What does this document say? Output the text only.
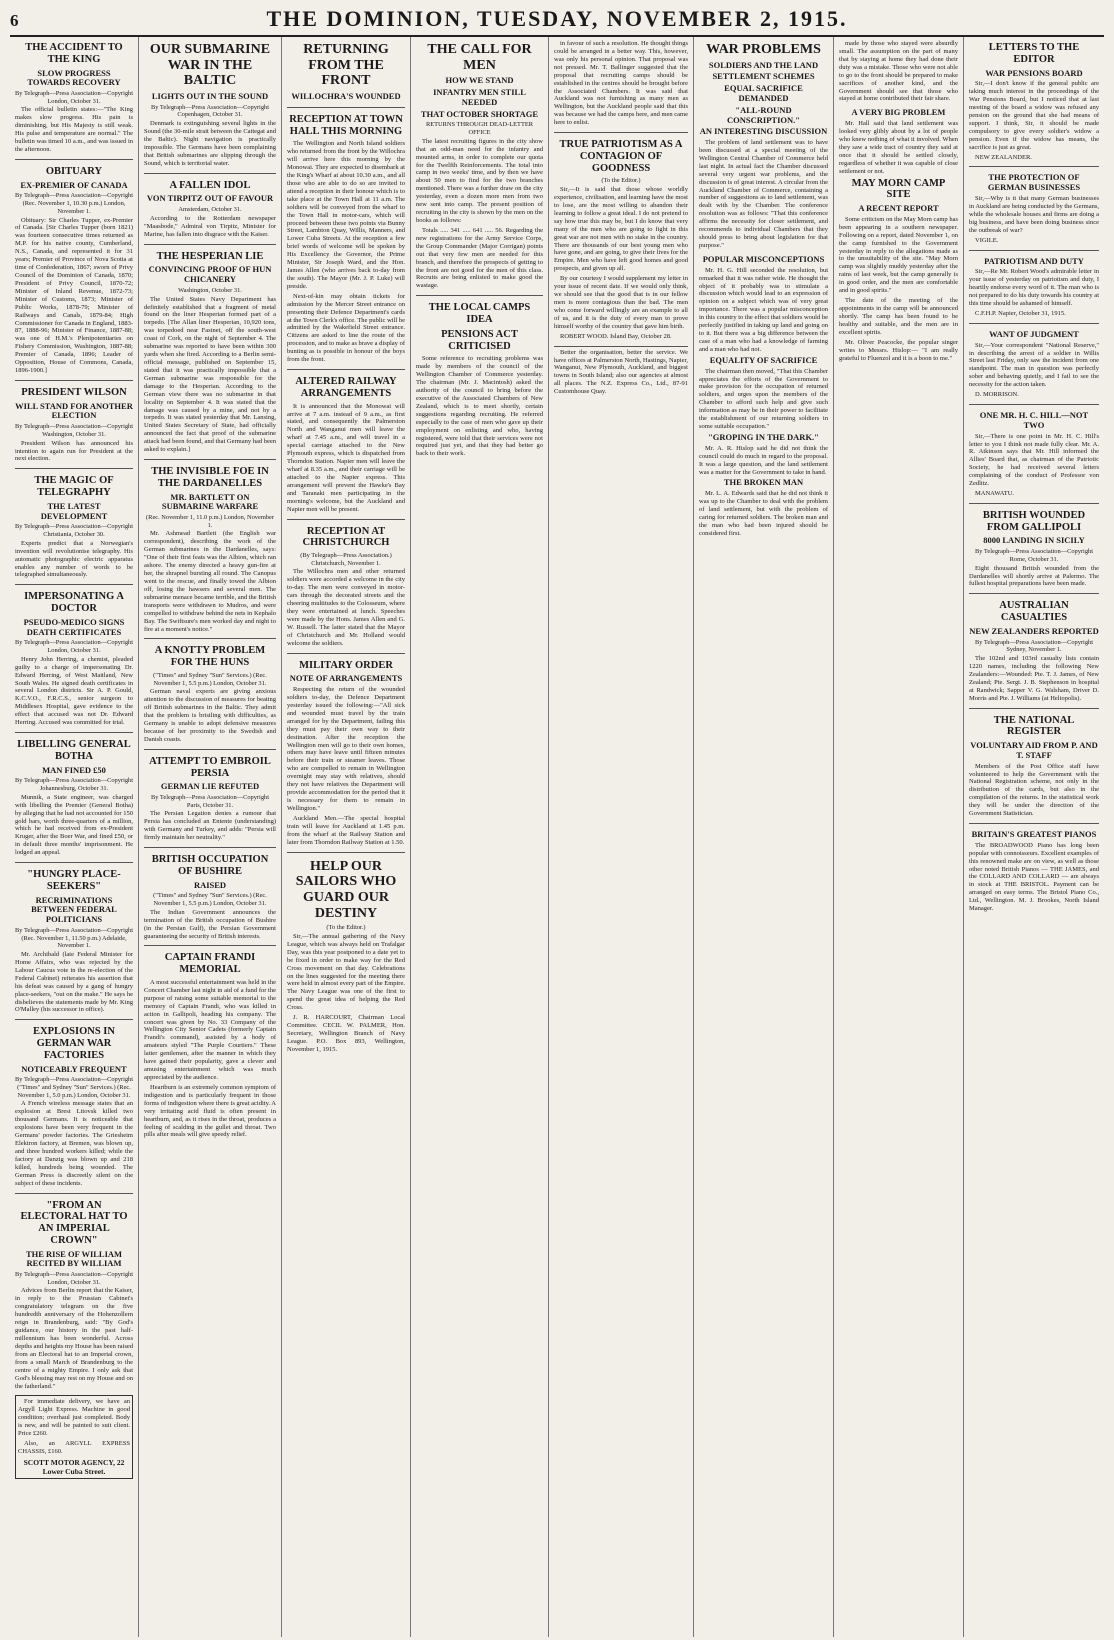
6	THE DOMINION, TUESDAY, NOVEMBER 2, 1915.
THE ACCIDENT TO THE KING
SLOW PROGRESS TOWARDS RECOVERY
By Telegraph—Press Association—Copyright London, October 31.

The official bulletin states:—"The King makes slow progress. His pain is diminishing, but His Majesty is still weak. His pulse and temperature are normal." The bulletin was timed 10 a.m., and was issued in the afternoon.

OBITUARY
EX-PREMIER OF CANADA
By Telegraph—Press Association—Copyright (Rec. November 1, 10.30 p.m.) London, November 1.

Obituary: Sir Charles Tupper, ex-Premier of Canada. [Sir Charles Tupper (born 1821) was fourteen consecutive times returned as M.P. for his native county, Cumberland, N.S., Canada, and represented it for 31 years; Premier of Province of Nova Scotia at time of Confederation, 1867; sworn of Privy Council of the Dominion of Canada, 1870; President of Privy Council, 1870-72; Minister of Inland Revenue, 1872-73; Minister of Customs, 1873; Minister of Public Works, 1878-79; Minister of Railways and Canals, 1879-84; High Commissioner for Canada in England, 1883-87, 1888-96; Minister of Finance, 1887-88; was one of H.M.'s Plenipotentiaries on Fishery Commission, Washington, 1887-88; Premier of Canada, 1896; Leader of Opposition, House of Commons, Canada, 1896-1900.]

PRESIDENT WILSON
WILL STAND FOR ANOTHER ELECTION
By Telegraph—Press Association—Copyright Washington, October 31.

President Wilson has announced his intention to again run for President at the next election.

THE MAGIC OF TELEGRAPHY
THE LATEST DEVELOPMENT
By Telegraph—Press Association—Copyright Christiania, October 30.

Experts predict that a Norwegian's invention will revolutionise telegraphy. His automatic photographic electric apparatus enables any number of words to be telegraphed simultaneously.

IMPERSONATING A DOCTOR
PSEUDO-MEDICO SIGNS DEATH CERTIFICATES
By Telegraph—Press Association—Copyright London, October 31.

Henry John Herring, a chemist, pleaded guilty to a charge of impersonating Dr. Edward Herring, of West Maitland, New South Wales. He signed death certificates in several London districts. Sir A. P. Gould, K.C.V.O., F.R.C.S., senior surgeon to Middlesex Hospital, gave evidence to the effect that accused was not Dr. Edward Herring. Accused was committed for trial.

LIBELLING GENERAL BOTHA
MAN FINED £50
By Telegraph—Press Association—Copyright Johannesburg, October 31.

Munnik, a State engineer, was charged with libelling the Premier (General Botha) by alleging that he had not accounted for 150 gold bars, worth three-quarters of a million, which he had received from ex-President Kruger, after the Boer War, and fined £50, or in default three months' imprisonment. He lodged an appeal.

"HUNGRY PLACE-SEEKERS"
RECRIMINATIONS BETWEEN FEDERAL POLITICIANS
By Telegraph—Press Association—Copyright (Rec. November 1, 11.50 p.m.) Adelaide, November 1.

Mr. Archibald (late Federal Minister for Home Affairs, who was rejected by the Labour Caucus vote in the re-election of the Federal Cabinet) reiterates his assertion that his defeat was caused by a gang of hungry place-seekers, "out on the make." He says he disbelieves the statements made by Mr. King O'Malley (his successor in office).

EXPLOSIONS IN GERMAN WAR FACTORIES
NOTICEABLY FREQUENT
By Telegraph—Press Association—Copyright ("Times" and Sydney "Sun" Services.) (Rec. November 1, 5.0 p.m.) London, October 31.

A French wireless message states that an explosion at Brest Litovsk killed two thousand Germans. It is noticeable that explosions have been very frequent in the Germans' powder factories. The Griesheim Elektron factory, at Bremen, was blown up, and three hundred workers killed; while the factory at Danzig was blown up and 218 killed, hundreds being wounded. The German Press is discreetly silent on the subject of these incidents.

"FROM AN ELECTORAL HAT TO AN IMPERIAL CROWN"
THE RISE OF WILLIAM RECITED BY WILLIAM
By Telegraph—Press Association—Copyright London, October 31.

Advices from Berlin report that the Kaiser, in reply to the Prussian Cabinet's congratulatory telegram on the five hundredth anniversary of the Hohenzollern reign in Brandenburg, said: "By God's guidance, our history in the past half-millennium has been wonderful. Across depths and heights my House has been raised from an Electoral hat to an Imperial crown, from a small March of Brandenburg to the centre of a mighty Empire. I only ask that God's blessing may rest on my House and on the fatherland."

For immediate delivery, we have an Argyll Light Express. Machine in good condition; overhaul just completed. Body is new, and will be painted to suit client. Price £260.

Also, an ARGYLL EXPRESS CHASSIS, £160.

SCOTT MOTOR AGENCY, 22 Lower Cuba Street.
OUR SUBMARINE WAR IN THE BALTIC
LIGHTS OUT IN THE SOUND
By Telegraph—Press Association—Copyright Copenhagen, October 31.

Denmark is extinguishing several lights in the Sound (the 30-mile strait between the Cattegat and the Baltic). Night navigation is practically impossible. The Germans have been complaining that British submarines are slipping through the Sound, which is territorial water.

A FALLEN IDOL
VON TIRPITZ OUT OF FAVOUR
Amsterdam, October 31.

According to the Rotterdam newspaper "Maasbode," Admiral von Tirpitz, Minister for Marine, has fallen into disgrace with the Kaiser.

THE HESPERIAN LIE
CONVINCING PROOF OF HUN CHICANERY
Washington, October 31.

The United States Navy Department has definitely established that a fragment of metal found on the liner Hesperian formed part of a torpedo. [The Allan liner Hesperian, 10,920 tons, was torpedoed near Fastnet, off the south-west coast of Cork, on the night of September 4. The submarine was reported to have been within 300 yards when she fired. According to a Berlin semi-official message, published on September 15, stated that it was practically impossible that a German submarine was responsible for the damage to the Hesperian. According to the German view there was no submarine in that locality on September 4. It was stated that the damage was caused by a mine, and not by a torpedo. It was stated yesterday that Mr. Lansing, United States Secretary of State, had officially announced the fact that proof of the submarine attack had been found, and that Germany had been asked to explain.]

THE INVISIBLE FOE IN THE DARDANELLES
MR. BARTLETT ON SUBMARINE WARFARE
(Rec. November 1, 11.0 p.m.) London, November 1.

Mr. Ashmead Bartlett (the English war correspondent), describing the work of the German submarines in the Dardanelles, says: "One of their first feats was the Albion, which ran ashore. The enemy directed a heavy gun-fire at her, the shrapnel bursting all round. The Canopus went to the rescue, and finally towed the Albion off, losing the hawsers and several men. The submarine menace became terrible, and the British transports were withdrawn to Mudros, and were compelled to withdraw behind the nets in Kephalo Bay. The Swiftsure's men worked day and night to fire at a moment's notice."

A KNOTTY PROBLEM FOR THE HUNS
("Times" and Sydney "Sun" Services.) (Rec. November 1, 5.5 p.m.) London, October 31.

German naval experts are giving anxious attention to the discussion of measures for beating off British submarines in the Baltic. They admit that the problem is bristling with difficulties, as Germany is unable to adopt defensive measures because of her proximity to the Swedish and Danish coasts.

ATTEMPT TO EMBROIL PERSIA
GERMAN LIE REFUTED
By Telegraph—Press Association—Copyright Paris, October 31.

The Persian Legation denies a rumour that Persia has concluded an Entente (understanding) with Germany and Turkey, and adds: "Persia will firmly maintain her neutrality."

BRITISH OCCUPATION OF BUSHIRE
RAISED
("Times" and Sydney "Sun" Services.) (Rec. November 1, 5.5 p.m.) London, October 31.

The Indian Government announces the termination of the British occupation of Bushire (in the Persian Gulf), the Persian Government guaranteeing the security of British interests.

CAPTAIN FRANDI MEMORIAL

A most successful entertainment was held in the Concert Chamber last night in aid of a fund for the purpose of raising some suitable memorial to the memory of Captain Frandi, who was killed in action in Gallipoli, heading his company. The concert was given by No. 33 Company of the Wellington City Senior Cadets (formerly Captain Frandi's command), assisted by a body of amateurs styled "The Purple Courtiers." These latter gentlemen, after the manner in which they have gained their popularity, gave a clever and amusing entertainment which was much appreciated by the audience.

Heartburn is an extremely common symptom of indigestion and is particularly frequent in those forms of indigestion where there is great acidity. A very irritating acid fluid is often present in heartburn, and, as it rises in the throat, produces a feeling of scalding in the gullet and throat. Two pills after meals will give speedy relief.

RETURNING FROM THE FRONT
WILLOCHRA'S WOUNDED
RECEPTION AT TOWN HALL THIS MORNING

The Wellington and North Island soldiers who returned from the front by the Willochra will arrive here this morning by the Monowai. They are expected to disembark at the King's Wharf at about 10.30 a.m., and all those who are able to do so are invited to attend a reception in their honour which is to take place at the Town Hall at 11 a.m. The soldiers will be conveyed from the wharf to the Town Hall in motor-cars, which will proceed between these two points via Bunny Street, Lambton Quay, Willis, Manners, and Lower Cuba Streets. At the reception a few brief words of welcome will be spoken by His Excellency the Governor, the Prime Minister, Sir Joseph Ward, and the Hon. James Allen (who arrives back to-day from the south). The Mayor (Mr. J. P. Luke) will preside.

Next-of-kin may obtain tickets for admission by the Mercer Street entrance on presenting their Defence Department's cards at the Town Clerk's office. The public will be admitted by the Wakefield Street entrance. Citizens are asked to line the route of the procession, and to make as brave a display of bunting as is possible in honour of the boys from the front.

ALTERED RAILWAY ARRANGEMENTS

It is announced that the Monowai will arrive at 7 a.m. instead of 9 a.m., as first stated, and consequently the Palmerston North and Wanganui men will leave the wharf at 7.45 a.m., and will travel in a special carriage attached to the New Plymouth express, which is dispatched from Thorndon Station. Napier men will leave the wharf at 8.35 a.m., and their carriage will be attached to the Napier express. This arrangement will prevent the Hawke's Bay and Taranaki men participating in the morning's welcome, but the Auckland and Napier men will be present.

RECEPTION AT CHRISTCHURCH
(By Telegraph—Press Association.) Christchurch, November 1.

The Willochra men and other returned soldiers were accorded a welcome in the city to-day. The men were conveyed in motor-cars through the decorated streets and the cheering multitudes to the Colosseum, where they were entertained at lunch. Speeches were made by the Hons. James Allen and G. W. Russell. The latter stated that the Mayor of Christchurch and Mr. Holland would welcome the soldiers.

MILITARY ORDER
NOTE OF ARRANGEMENTS

Respecting the return of the wounded soldiers to-day, the Defence Department yesterday issued the following:—"All sick and wounded must travel by the train arranged for by the Department, failing this they must pay their own way to their destination. After the reception the Wellington men will go to their own homes, others may have leave until fifteen minutes before their train or steamer leaves. Those who are compelled to remain in Wellington overnight may stay with relatives, should they not have relatives the Department will provide accommodation for the period that it is necessary for them to remain in Wellington."

Auckland Men.—The special hospital train will leave for Auckland at 1.45 p.m. from the wharf at the Railway Station and later from Thorndon Railway Station at 1.50.

HELP OUR SAILORS WHO GUARD OUR DESTINY
(To the Editor.)

Sir,—The annual gathering of the Navy League, which was always held on Trafalgar Day, was this year postponed to a date yet to be fixed in order to make way for the Red Cross movement on that day. Celebrations on the lines suggested for the meeting there were held in almost every part of the Empire. The Navy League was one of the first to spend the great idea of helping the Red Cross.

J. R. HARCOURT, Chairman Local Committee. CECIL W. PALMER, Hon. Secretary, Wellington Branch of Navy League. P.O. Box 893, Wellington, November 1, 1915.

THE CALL FOR MEN
HOW WE STAND
INFANTRY MEN STILL NEEDED
THAT OCTOBER SHORTAGE
RETURNS THROUGH DEAD-LETTER OFFICE

The latest recruiting figures in the city show that an odd-man need for the infantry and mounted arms, in order to complete our quota for the Twelfth Reinforcements. The total into camp in two weeks' time, and by then we have about 50 men to find for the two branches mentioned. There was a further draw on the city yesterday, even a dozen more men from two new sent into camp. The present position of recruiting in the city is shown by the men on the books as follows:

Totals ..... 341 ..... 641 ..... 56. Regarding the new registrations for the Army Service Corps, the Group Commander (Major Corrigan) points out that very few men are needed for this branch, and therefore the prospects of getting to the front are not good for the men of this class. Recruits are being enlisted to make good the wastage.

THE LOCAL CAMPS IDEA
PENSIONS ACT CRITICISED

Some reference to recruiting problems was made by members of the council of the Wellington Chamber of Commerce yesterday. The chairman (Mr. J. Macintosh) asked the authority of the council to bring before the executive of the Associated Chambers of New Zealand, which is to meet shortly, certain suggestions regarding recruiting. He referred especially to the case of men who gave up their employment on enlisting and who, having registered, were told that their services were not required just yet, and that they had better go back to their work.

in favour of such a resolution. He thought things could be arranged in a better way. This, however, was only his personal opinion. That proposal was not pressed. Mr. T. Ballinger suggested that the proposal that recruiting camps should be established in the centres should be brought before the Associated Chambers. It was said that Auckland was not furnishing as many men as Wellington, but the Auckland people said that this was because we had the camps here, and men came here to enlist.

TRUE PATRIOTISM AS A CONTAGION OF GOODNESS
(To the Editor.)

Sir,—It is said that those whose worldly experience, civilisation, and learning have the most to lose, are the most willing to abandon their learning to follow a great ideal. I do not pretend to say how true this may be, but I do know that very many of the men who are going to fight in this great war are not men with no stake in the country. There are thousands of our best young men who have gone, and are going, to give their lives for the Empire. Men who have left good homes and good prospects, and given up all.

By our courtesy I would supplement my letter in your issue of recent date. If we would only think, we should see that the good that is in our fellow men is more contagious than the bad. The men who come forward willingly are an example to all of us, and it is the duty of every man to prove himself worthy of the country that gave him birth.

ROBERT WOOD. Island Bay, October 28.

Better the organisation, better the service. We have offices at Palmerston North, Hastings, Napier, Wanganui, New Plymouth, Auckland, and biggest towns in South Island; also our agencies at almost all places. The N.Z. Express Co., Ltd., 87-91 Customhouse Quay.

WAR PROBLEMS
SOLDIERS AND THE LAND
SETTLEMENT SCHEMES
EQUAL SACRIFICE DEMANDED
"ALL-ROUND CONSCRIPTION."
AN INTERESTING DISCUSSION

The problem of land settlement was to have been discussed at a special meeting of the Wellington Central Chamber of Commerce held last night. In actual fact the Chamber discussed several very urgent war problems, and the discussion is of great interest. A circular from the Auckland Chamber of Commerce, containing a number of suggestions as to land settlement, was dealt with by the Chamber. The conference resolution was as follows: "That this conference affirms the necessity for closer settlement, and recommends to individual Chambers that they should press to bring about legislation for that purpose."

POPULAR MISCONCEPTIONS

Mr. H. G. Hill seconded the resolution, but remarked that it was rather wide. He thought the object of it probably was to stimulate a discussion which would lead to an expression of opinion on a subject which was of very great importance. There was a popular misconception in this country to the effect that soldiers would be perfectly justified in taking up land and going on to it. But there was a big difference between the case of a man who had a knowledge of farming and a man who had not.

EQUALITY OF SACRIFICE

The chairman then moved, "That this Chamber appreciates the efforts of the Government to make provision for the occupation of returned soldiers, and urges upon the members of the Chamber to afford such help and give such information as may be in their power to facilitate the establishment of our returning soldiers in some suitable occupation."

"GROPING IN THE DARK."

Mr. A. R. Hislop said he did not think the council could do much in regard to the proposal. It was a large question, and the land settlement was a matter for the Government to take in hand.

THE BROKEN MAN

Mr. L. A. Edwards said that he did not think it was up to the Chamber to deal with the problem of land settlement, but with the problem of caring for returned soldiers. The broken man and the man who had been injured should be considered first.

made by those who stayed were absurdly small. The assumption on the part of many that by staying at home they had done their duty was a mistake. Those who were not able to go to the front should be prepared to make sacrifices of another kind, and the Government should see that those who stayed at home contributed their fair share.

A VERY BIG PROBLEM

Mr. Hall said that land settlement was looked very glibly about by a lot of people who knew nothing of what it involved. When they saw a wide tract of country they said at once that it should be settled closely, regardless of whether it was capable of close settlement or not.

MAY MORN CAMP SITE
A RECENT REPORT

Some criticism on the May Morn camp has been appearing in a southern newspaper. Following on a report, dated November 1, on the camp furnished to the Government yesterday in reply to the allegations made as to the unsuitability of the site. "May Morn camp was slightly muddy yesterday after the rains of last week, but the camp generally is in good order, and the men are comfortable and in good spirits."

The date of the meeting of the appointments in the camp will be announced shortly. The camp has been found to be healthy and suitable, and the men are in excellent spirits.

Mr. Oliver Peacocke, the popular singer writes to Messrs. Hislop:— "I am really grateful to Fluenzol and it is a boon to me."

LETTERS TO THE EDITOR
WAR PENSIONS BOARD

Sir,—I don't know if the general public are taking much interest in the proceedings of the War Pensions Board, but I noticed that at last meeting of the board a widow was refused any pension on the ground that she had means of support. I think, Sir, it should be made compulsory to give every soldier's widow a pension. Even if the widow has means, the sacrifice is just as great.

NEW ZEALANDER.

THE PROTECTION OF GERMAN BUSINESSES

Sir,—Why is it that many German businesses in Auckland are being conducted by the Germans, while the wholesale houses and firms are doing a big business, and have been doing business since the outbreak of war?

VIGILE.

PATRIOTISM AND DUTY

Sir,—Re Mr. Robert Wood's admirable letter in your issue of yesterday on patriotism and duty, I heartily endorse every word of it. The man who is not prepared to do his duty towards his country at this time should be ashamed of himself.

C.F.H.P. Napier, October 31, 1915.

WANT OF JUDGMENT

Sir,—Your correspondent "National Reserve," in describing the arrest of a soldier in Willis Street last Friday, only saw the incident from one standpoint. The man in question was perfectly sober and behaving quietly, and I fail to see the necessity for the action taken.

D. MORRISON.

ONE MR. H. C. HILL—NOT TWO

Sir,—There is one point in Mr. H. C. Hill's letter to you I think not made fully clear. Mr. A. R. Atkinson says that Mr. Hill informed the Allies' Board that, as chairman of the Patriotic Society, he had received several letters complaining of the conduct of Professor von Zedlitz.

MANAWATU.

BRITISH WOUNDED FROM GALLIPOLI
8000 LANDING IN SICILY
By Telegraph—Press Association—Copyright Rome, October 31.

Eight thousand British wounded from the Dardanelles will shortly arrive at Palermo. The fullest hospital preparations have been made.

AUSTRALIAN CASUALTIES
NEW ZEALANDERS REPORTED
By Telegraph—Press Association—Copyright Sydney, November 1.

The 102nd and 103rd casualty lists contain 1220 names, including the following New Zealanders:—Wounded: Pte. T. J. James, of New Zealand; Pte. Sergt. J. B. Stephenson in hospital at Randwick; Sapper V. G. Walsham, Driver D. Morris and Pte. J. Williams (at Heliopolis).

THE NATIONAL REGISTER
VOLUNTARY AID FROM P. AND T. STAFF

Members of the Post Office staff have volunteered to help the Government with the National Registration scheme, not only in the distribution of the cards, but also in the compilation of the returns. In the statistical work they will be under the direction of the Government Statistician.

BRITAIN'S GREATEST PIANOS

The BROADWOOD Piano has long been popular with connoisseurs. Excellent examples of this renowned make are on view, as well as those other noted British Pianos — THE JAMES, and the COLLARD AND COLLARD — are always in stock at THE BRISTOL. Payment can be arranged on easy terms. The Bristol Piano Co., Ltd., Wellington. M. J. Brookes, North Island Manager.
